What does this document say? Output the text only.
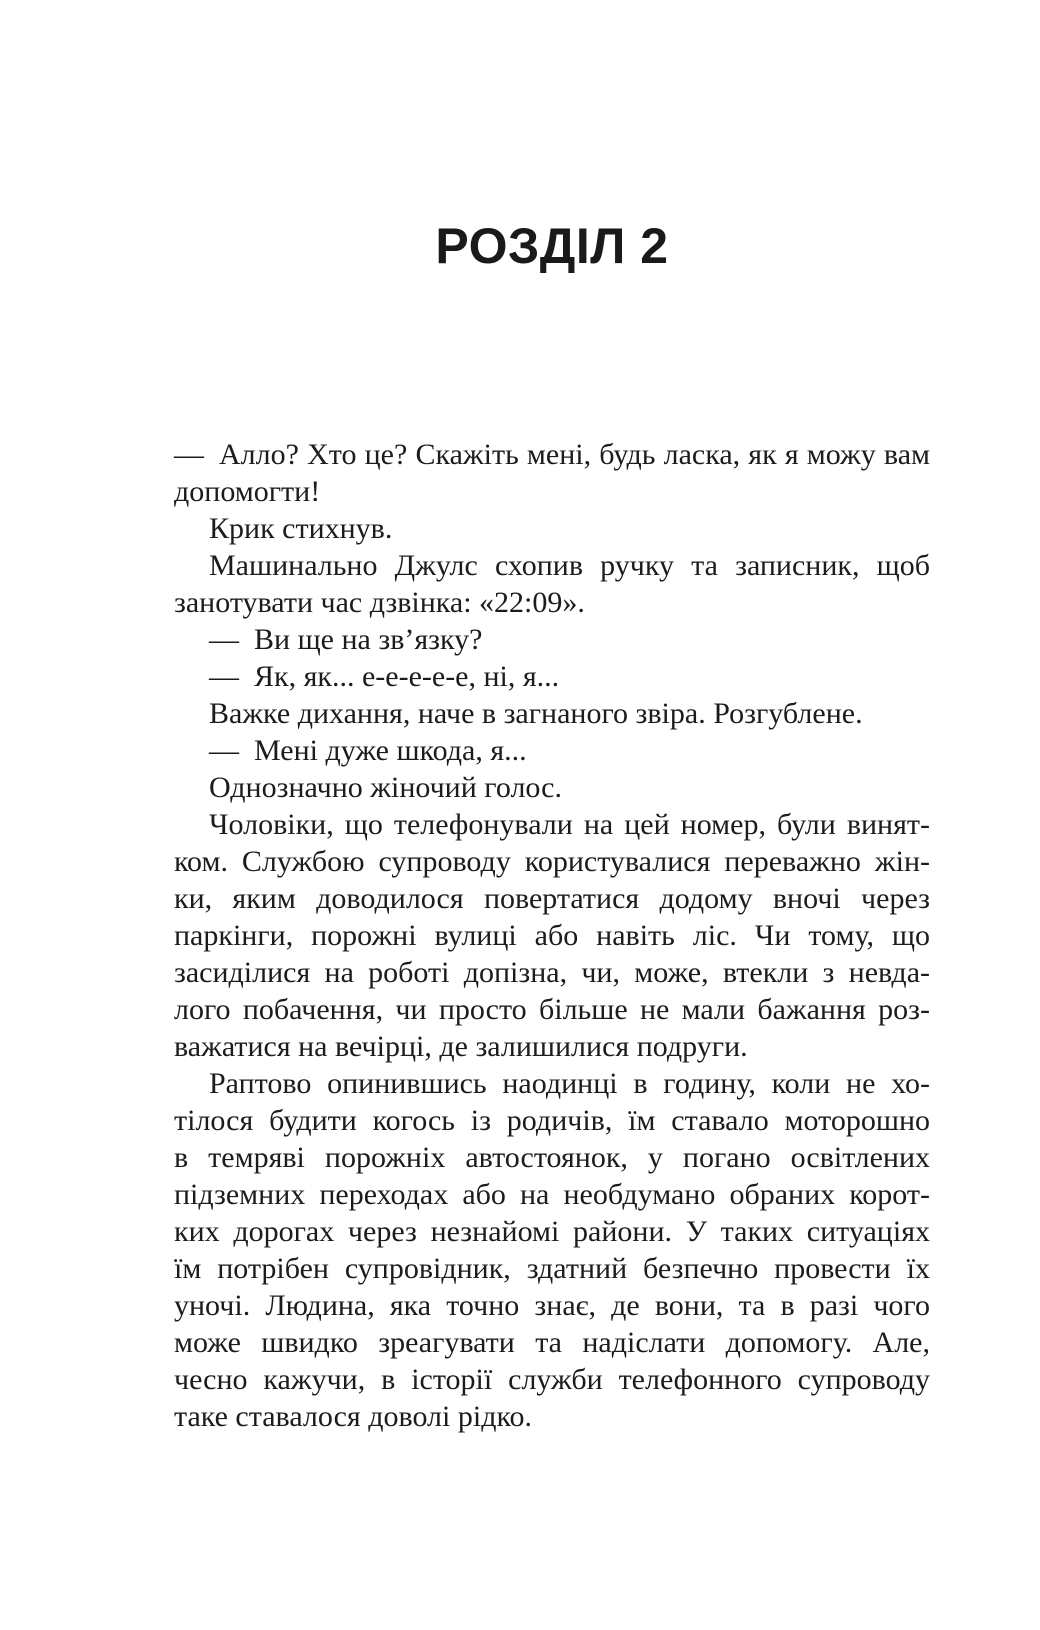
РОЗДІЛ 2
— Алло? Хто це? Скажіть мені, будь ласка, як я можу вам
допомогти!
Крик стихнув.
Машинально Джулс схопив ручку та записник, щоб
занотувати час дзвінка: «22:09».
— Ви ще на зв’язку?
— Як, як... е-е-е-е-е, ні, я...
Важке дихання, наче в загнаного звіра. Розгублене.
— Мені дуже шкода, я...
Однозначно жіночий голос.
Чоловіки, що телефонували на цей номер, були винят-
ком. Службою супроводу користувалися переважно жін-
ки, яким доводилося повертатися додому вночі через
паркінги, порожні вулиці або навіть ліс. Чи тому, що
засиділися на роботі допізна, чи, може, втекли з невда-
лого побачення, чи просто більше не мали бажання роз-
важатися на вечірці, де залишилися подруги.
Раптово опинившись наодинці в годину, коли не хо-
тілося будити когось із родичів, їм ставало моторошно
в темряві порожніх автостоянок, у погано освітлених
підземних переходах або на необдумано обраних корот-
ких дорогах через незнайомі райони. У таких ситуаціях
їм потрібен супровідник, здатний безпечно провести їх
уночі. Людина, яка точно знає, де вони, та в разі чого
може швидко зреагувати та надіслати допомогу. Але,
чесно кажучи, в історії служби телефонного супроводу
таке ставалося доволі рідко.
